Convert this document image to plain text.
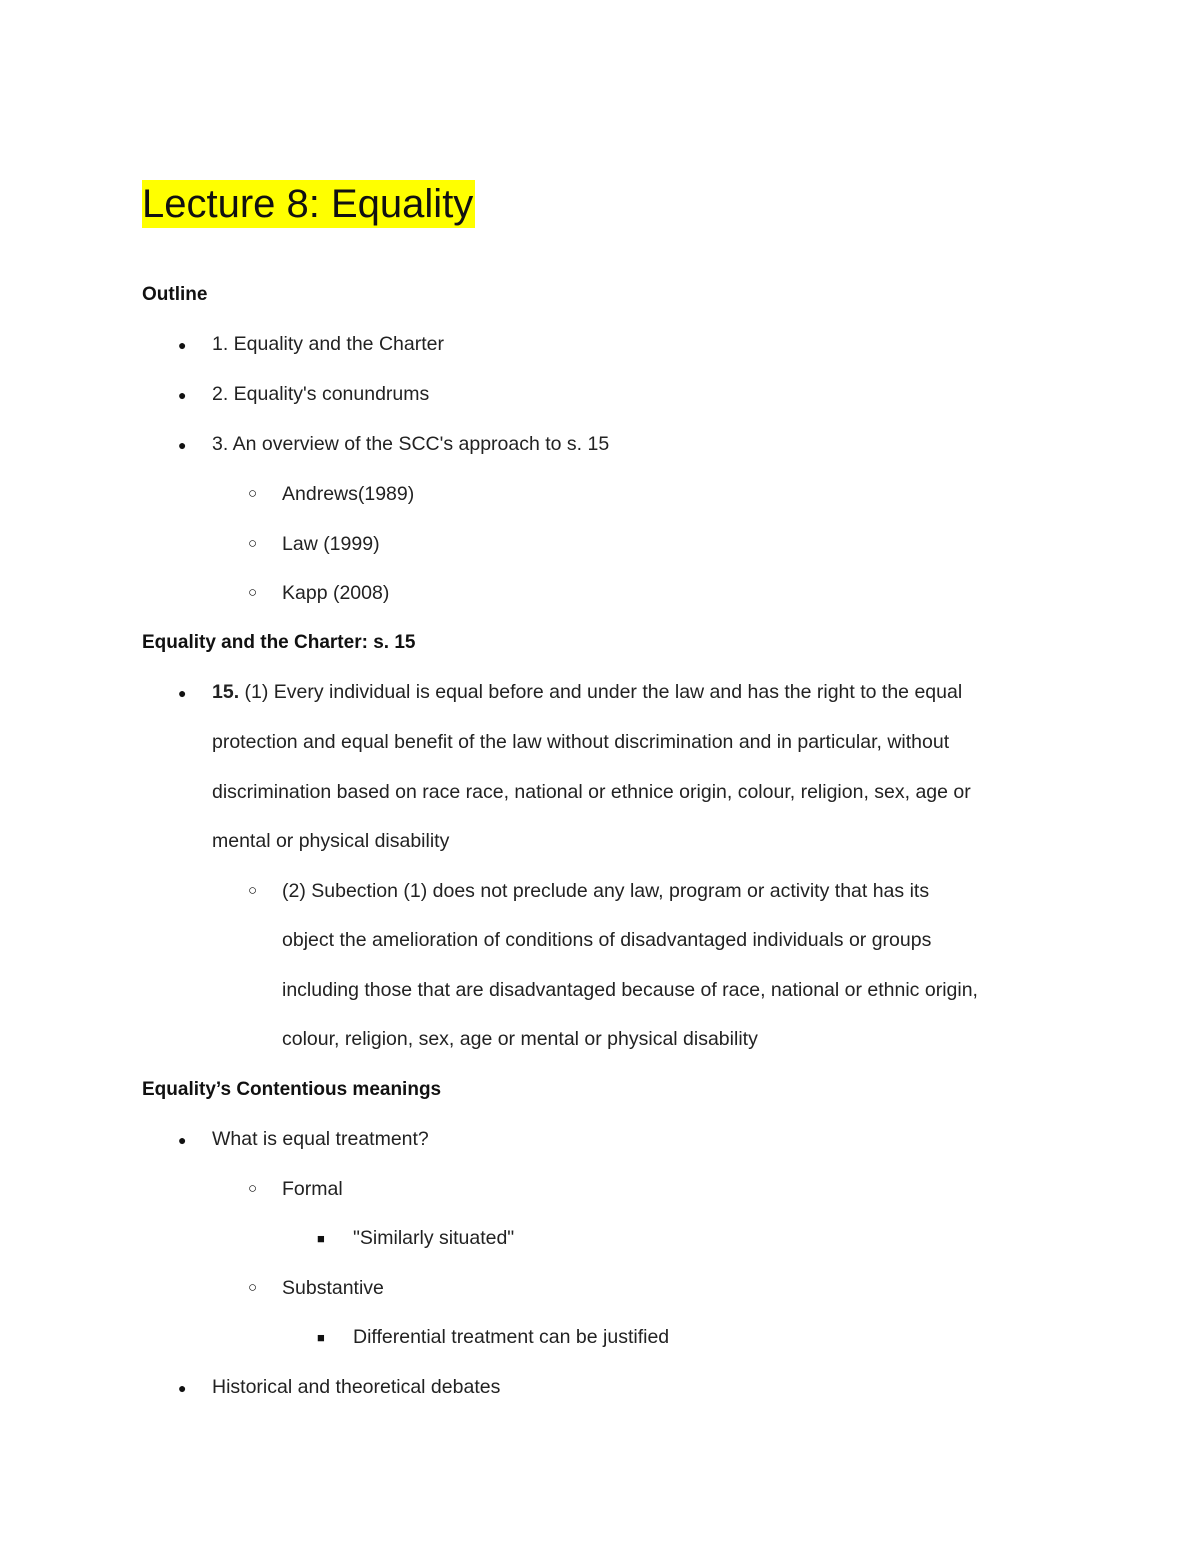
Lecture 8: Equality
Outline
● 1. Equality and the Charter
● 2. Equality's conundrums
● 3. An overview of the SCC's approach to s. 15
○ Andrews(1989)
○ Law (1999)
○ Kapp (2008)
Equality and the Charter: s. 15
● 15. (1) Every individual is equal before and under the law and has the right to the equal
protection and equal benefit of the law without discrimination and in particular, without
discrimination based on race race, national or ethnice origin, colour, religion, sex, age or
mental or physical disability
○ (2) Subection (1) does not preclude any law, program or activity that has its
object the amelioration of conditions of disadvantaged individuals or groups
including those that are disadvantaged because of race, national or ethnic origin,
colour, religion, sex, age or mental or physical disability
Equality’s Contentious meanings
● What is equal treatment?
○ Formal
■ "Similarly situated"
○ Substantive
■ Differential treatment can be justified
● Historical and theoretical debates
